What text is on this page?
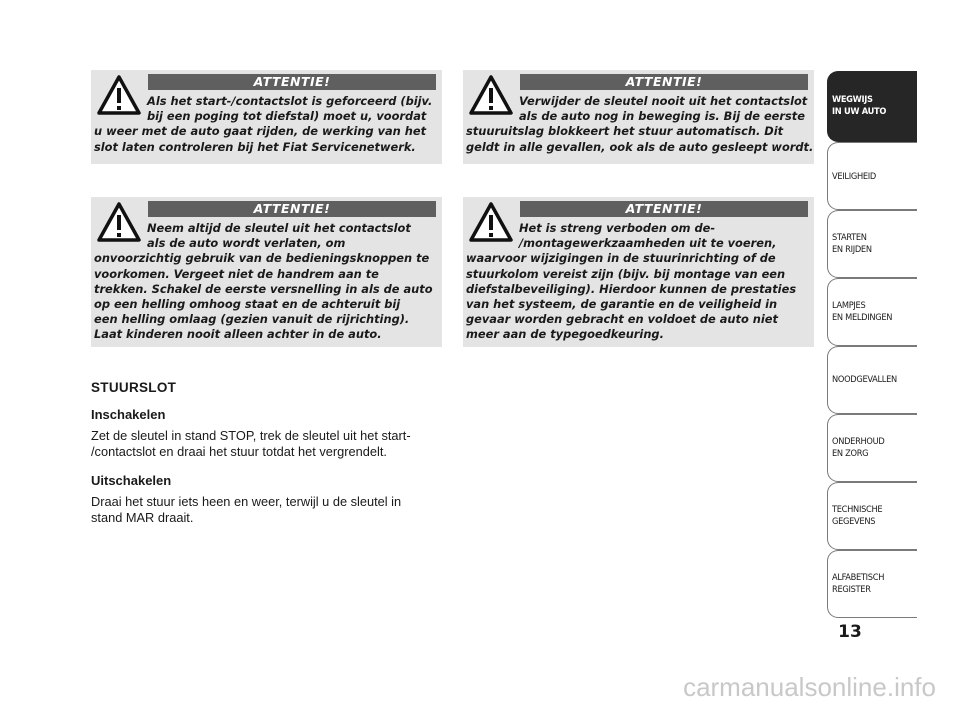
ATTENTIE!
Als het start-/contactslot is geforceerd (bijv.
bij een poging tot diefstal) moet u, voordat
u weer met de auto gaat rijden, de werking van het
slot laten controleren bij het Fiat Servicenetwerk.
ATTENTIE!
Verwijder de sleutel nooit uit het contactslot
als de auto nog in beweging is. Bij de eerste
stuuruitslag blokkeert het stuur automatisch. Dit
geldt in alle gevallen, ook als de auto gesleept wordt.
ATTENTIE!
Neem altijd de sleutel uit het contactslot
als de auto wordt verlaten, om
onvoorzichtig gebruik van de bedieningsknoppen te
voorkomen. Vergeet niet de handrem aan te
trekken. Schakel de eerste versnelling in als de auto
op een helling omhoog staat en de achteruit bij
een helling omlaag (gezien vanuit de rijrichting).
Laat kinderen nooit alleen achter in de auto.
ATTENTIE!
Het is streng verboden om de-
/montagewerkzaamheden uit te voeren,
waarvoor wijzigingen in de stuurinrichting of de
stuurkolom vereist zijn (bijv. bij montage van een
diefstalbeveiliging). Hierdoor kunnen de prestaties
van het systeem, de garantie en de veiligheid in
gevaar worden gebracht en voldoet de auto niet
meer aan de typegoedkeuring.
STUURSLOT
Inschakelen
Zet de sleutel in stand STOP, trek de sleutel uit het start-
/contactslot en draai het stuur totdat het vergrendelt.
Uitschakelen
Draai het stuur iets heen en weer, terwijl u de sleutel in
stand MAR draait.
WEGWIJS
IN UW AUTO
VEILIGHEID
STARTEN
EN RIJDEN
LAMPJES
EN MELDINGEN
NOODGEVALLEN
ONDERHOUD
EN ZORG
TECHNISCHE
GEGEVENS
ALFABETISCH
REGISTER
13
carmanualsonline.info
